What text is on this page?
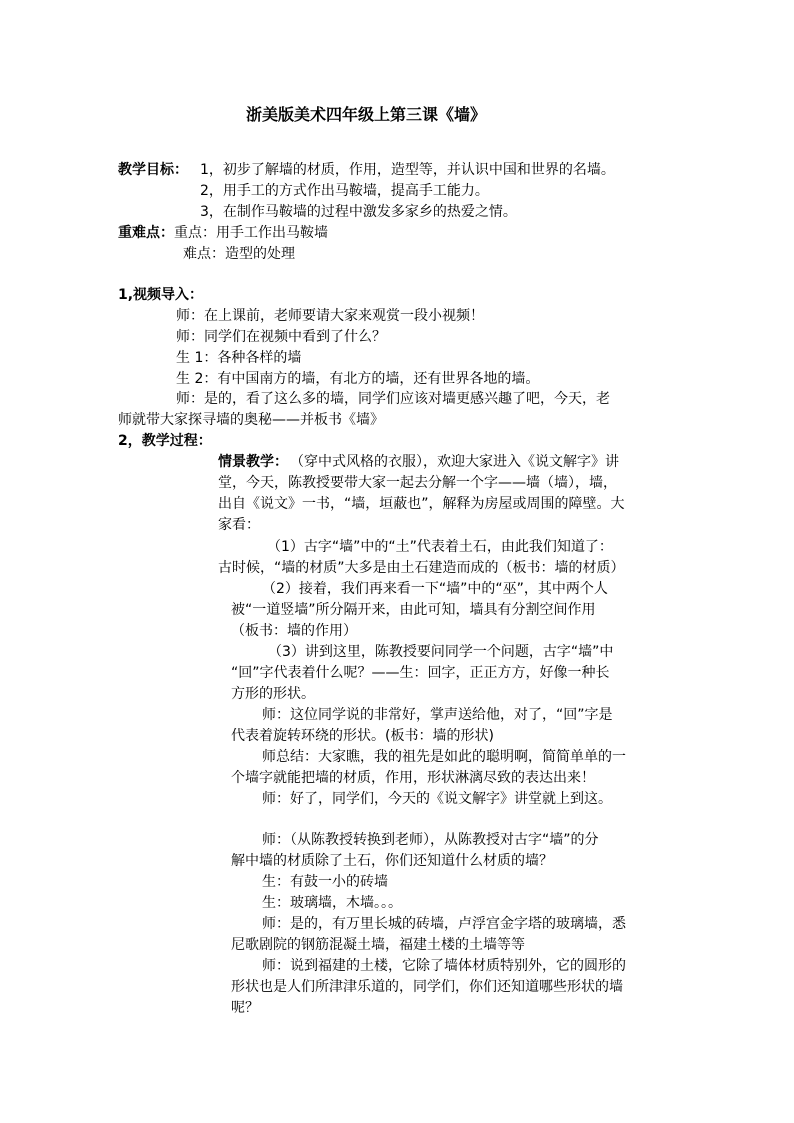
浙美版美术四年级上第三课《墙》
教学目标： 1，初步了解墙的材质，作用，造型等，并认识中国和世界的名墙。
2，用手工的方式作出马鞍墙，提高手工能力。
3，在制作马鞍墙的过程中激发多家乡的热爱之情。
重难点： 重点：用手工作出马鞍墙
难点：造型的处理
1,视频导入：
师：在上课前，老师要请大家来观赏一段小视频！
师：同学们在视频中看到了什么？
生 1：各种各样的墙
生 2：有中国南方的墙，有北方的墙，还有世界各地的墙。
师：是的，看了这么多的墙，同学们应该对墙更感兴趣了吧，今天，老
师就带大家探寻墙的奥秘——并板书《墙》
2，教学过程：
情景教学： （穿中式风格的衣服），欢迎大家进入《说文解字》讲
堂，今天，陈教授要带大家一起去分解一个字——墙（墙），墙，
出自《说文》一书，“墙，垣蔽也”，解释为房屋或周围的障壁。大
家看：
（1）古字“墙”中的“土”代表着土石，由此我们知道了：
古时候，“墙的材质”大多是由土石建造而成的（板书：墙的材质）
（2）接着，我们再来看一下“墙”中的“巫”，其中两个人
被“一道竖墙”所分隔开来，由此可知，墙具有分割空间作用
（板书：墙的作用）
（3）讲到这里，陈教授要问同学一个问题，古字“墙”中
“回”字代表着什么呢？——生：回字，正正方方，好像一种长
方形的形状。
师：这位同学说的非常好，掌声送给他，对了，“回”字是
代表着旋转环绕的形状。(板书：墙的形状)
师总结：大家瞧，我的祖先是如此的聪明啊，简简单单的一
个墙字就能把墙的材质，作用，形状淋漓尽致的表达出来！
师：好了，同学们，今天的《说文解字》讲堂就上到这。
师：（从陈教授转换到老师），从陈教授对古字“墙”的分
解中墙的材质除了土石，你们还知道什么材质的墙？
生：有鼓一小的砖墙
生：玻璃墙，木墙。。。
师：是的，有万里长城的砖墙，卢浮宫金字塔的玻璃墙，悉
尼歌剧院的钢筋混凝土墙，福建土楼的土墙等等
师：说到福建的土楼，它除了墙体材质特别外，它的圆形的
形状也是人们所津津乐道的，同学们，你们还知道哪些形状的墙
呢？
